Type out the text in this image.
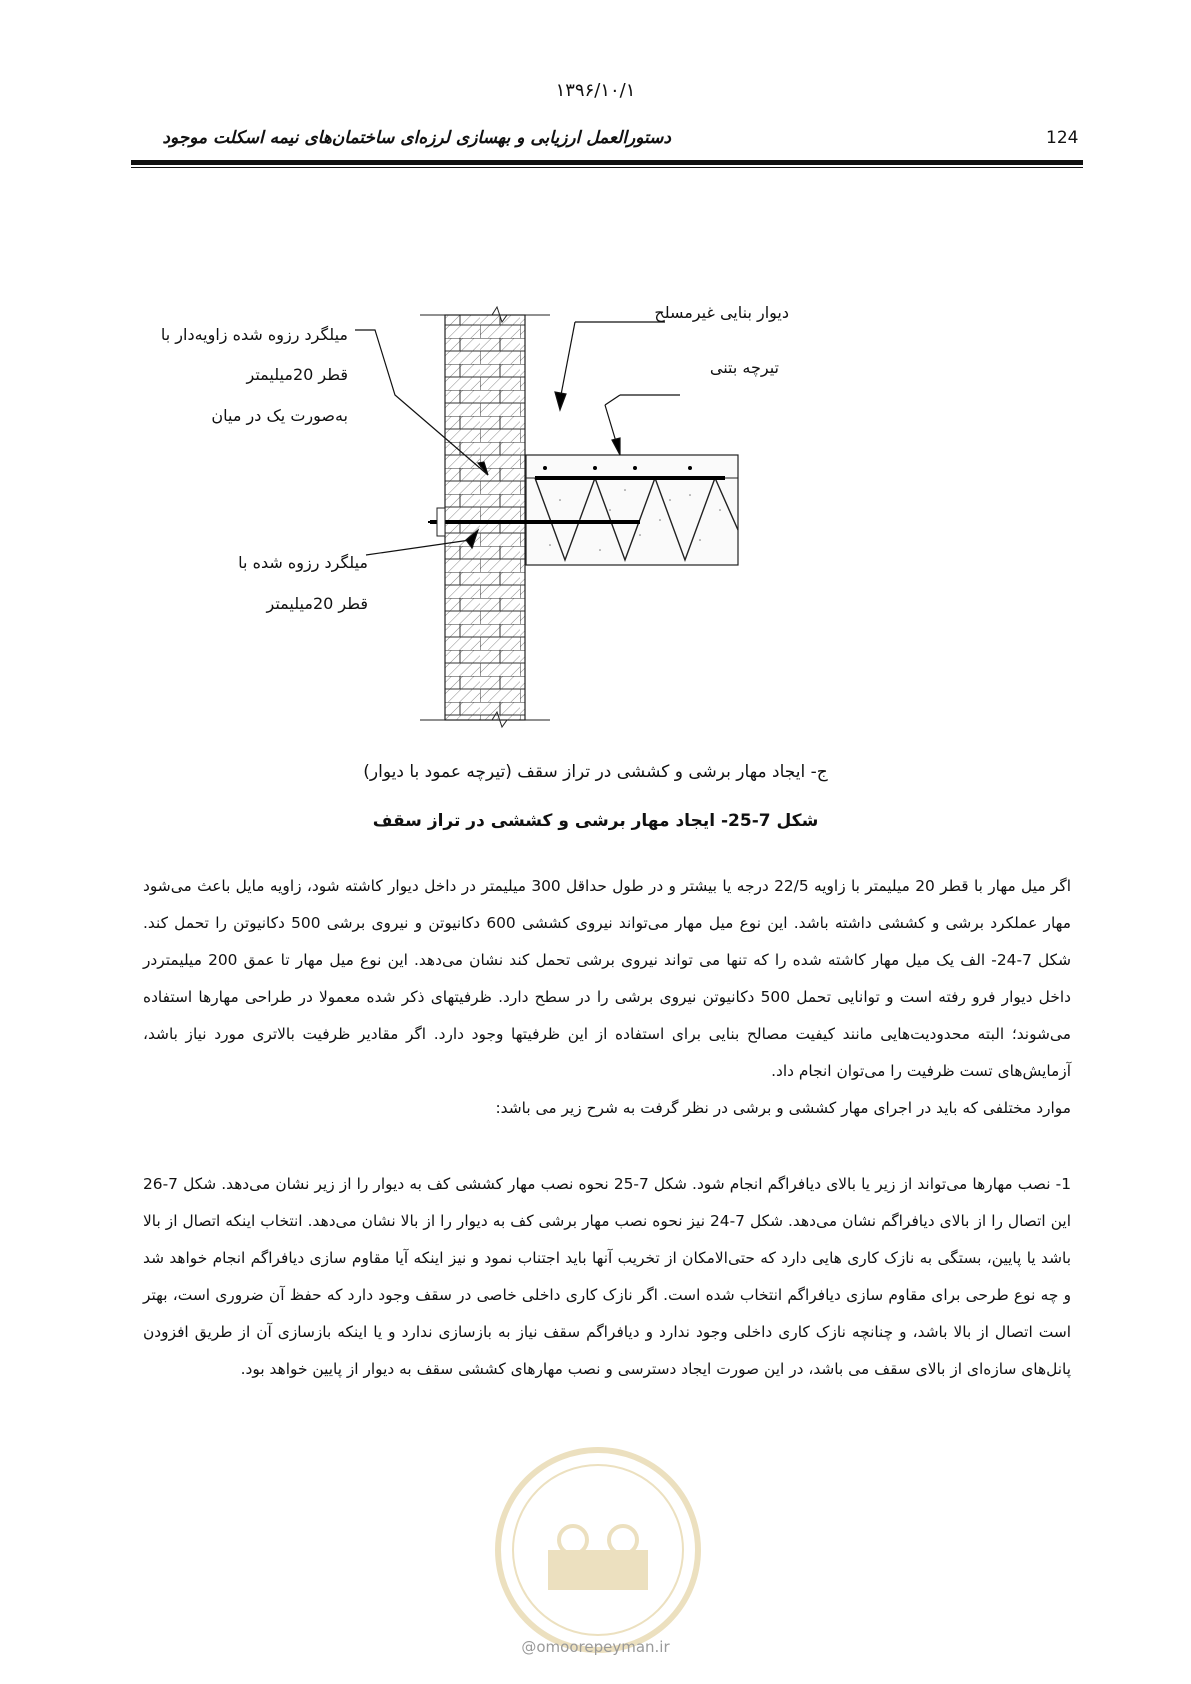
۱۳۹۶/۱۰/۱
دستورالعمل ارزیابی و بهسازی لرزه‌ای ساختمان‌های نیمه اسکلت موجود	124
دیوار بنایی غیرمسلح
تیرچه بتنی
میلگرد رزوه شده زاویه‌دار با
قطر 20میلیمتر
به‌صورت یک در میان
میلگرد رزوه شده با
قطر 20میلیمتر
ج- ایجاد مهار برشی و کششی در تراز سقف (تیرچه عمود با دیوار)
شکل 7-25- ایجاد مهار برشی و کششی در تراز سقف

اگر میل مهار با قطر 20 میلیمتر با زاویه 22/5 درجه یا بیشتر و در طول حداقل 300 میلیمتر در داخل دیوار کاشته شود، زاویه مایل باعث می‌شود مهار عملکرد برشی و کششی داشته باشد. این نوع میل مهار می‌تواند نیروی کششی 600 دکانیوتن و نیروی برشی 500 دکانیوتن را تحمل کند. شکل 7-24- الف یک میل مهار کاشته شده را که تنها می تواند نیروی برشی تحمل کند نشان می‌دهد. این نوع میل مهار تا عمق 200 میلیمتردر داخل دیوار فرو رفته است و توانایی تحمل 500 دکانیوتن نیروی برشی را در سطح دارد. ظرفیتهای ذکر شده معمولا در طراحی مهارها استفاده می‌شوند؛ البته محدودیت‌هایی مانند کیفیت مصالح بنایی برای استفاده از این ظرفیتها وجود دارد. اگر مقادیر ظرفیت بالاتری مورد نیاز باشد، آزمایش‌های تست ظرفیت را می‌توان انجام داد.

موارد مختلفی که باید در اجرای مهار کششی و برشی در نظر گرفت به شرح زیر می باشد:

1- نصب مهارها می‌تواند از زیر یا بالای دیافراگم انجام شود. شکل 7-25 نحوه نصب مهار کششی کف به دیوار را از زیر نشان می‌دهد. شکل 7-26 این اتصال را از بالای دیافراگم نشان می‌دهد. شکل 7-24 نیز نحوه نصب مهار برشی کف به دیوار را از بالا نشان می‌دهد. انتخاب اینکه اتصال از بالا باشد یا پایین، بستگی به نازک کاری هایی دارد که حتی‌الامکان از تخریب آنها باید اجتناب نمود و نیز اینکه آیا مقاوم سازی دیافراگم انجام خواهد شد و چه نوع طرحی برای مقاوم سازی دیافراگم انتخاب شده است. اگر نازک کاری داخلی خاصی در سقف وجود دارد که حفظ آن ضروری است، بهتر است اتصال از بالا باشد، و چنانچه نازک کاری داخلی وجود ندارد و دیافراگم سقف نیاز به بازسازی ندارد و یا اینکه بازسازی آن از طریق افزودن پانل‌های سازه‌ای از بالای سقف می باشد، در این صورت ایجاد دسترسی و نصب مهارهای کششی سقف به دیوار از پایین خواهد بود.
@omoorepeyman.ir
